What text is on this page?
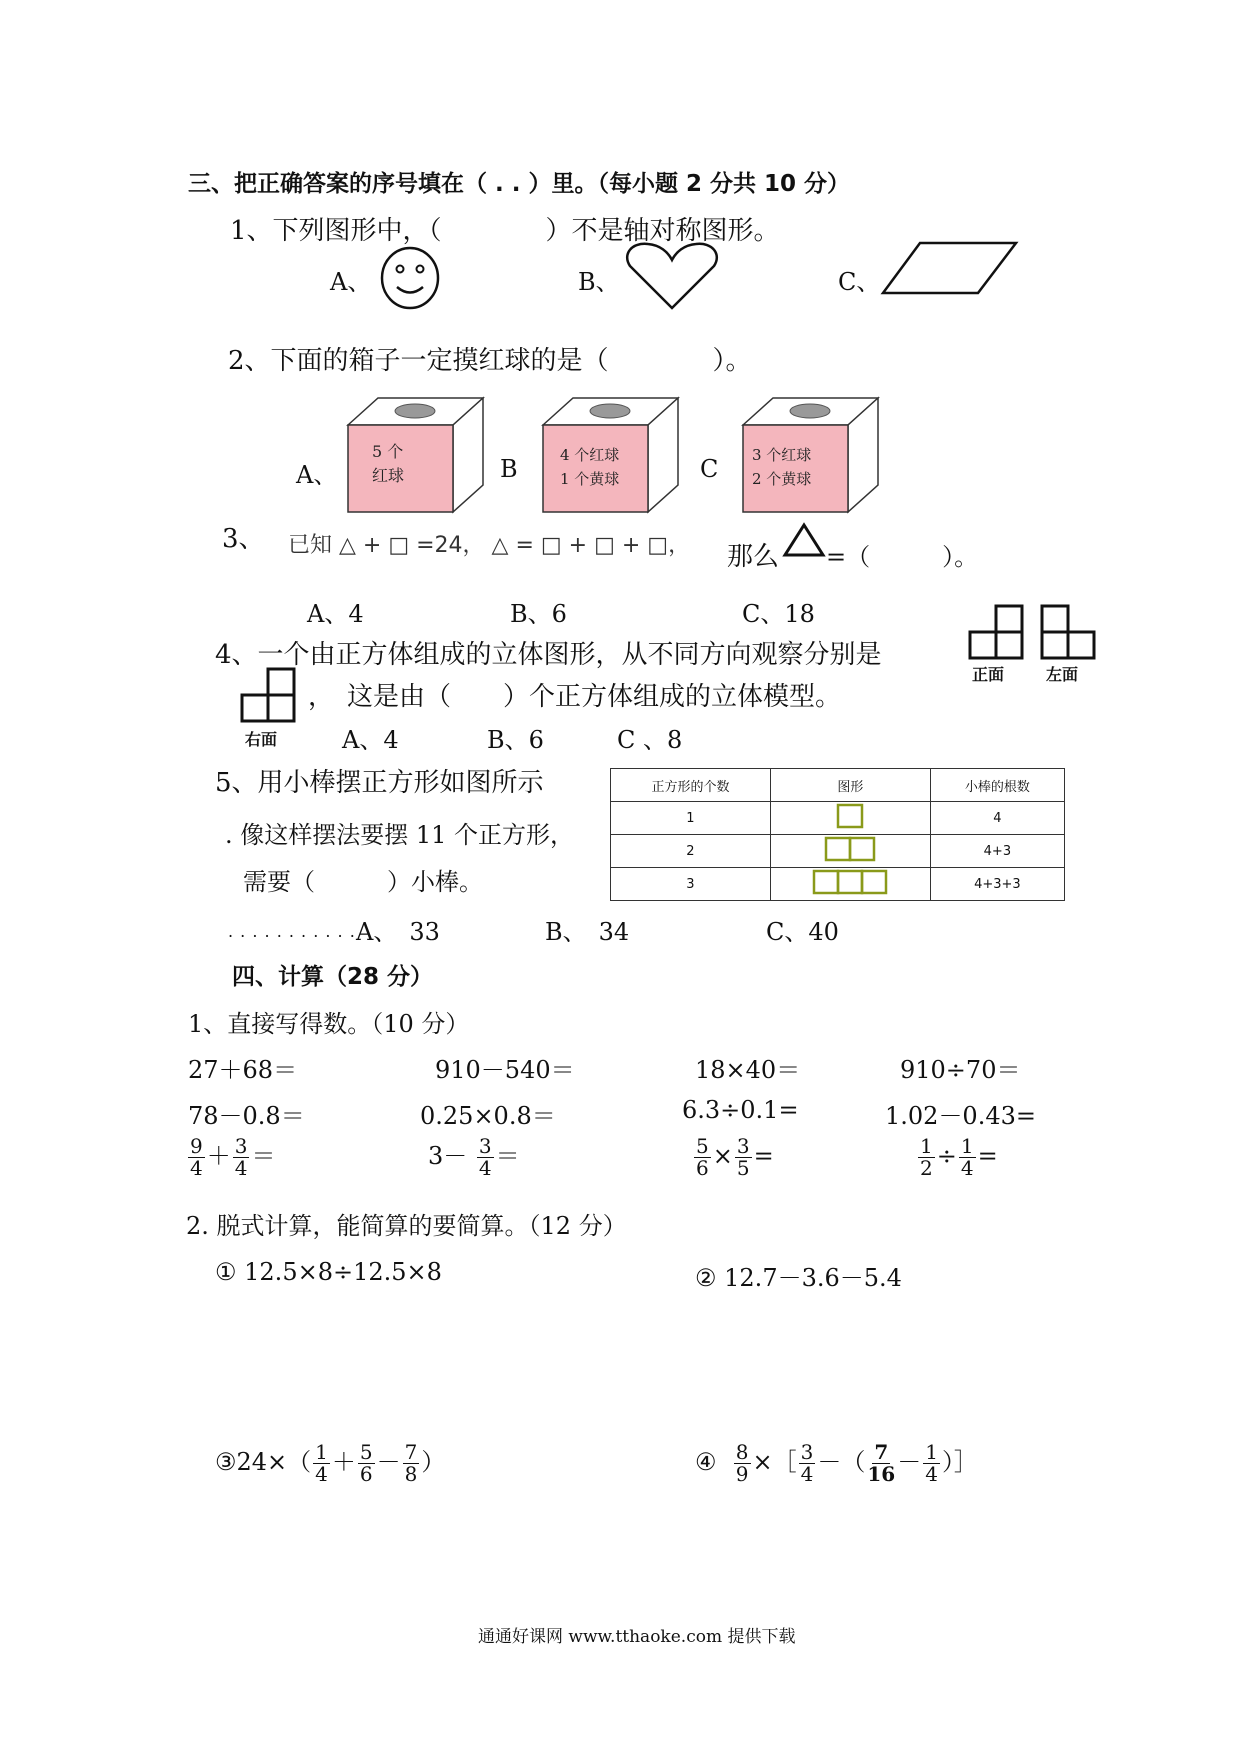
三、把正确答案的序号填在（ . . ）里。（每小题 2 分共 10 分）
1、下列图形中，（　　　　）不是轴对称图形。
A、	B、	C、
2、下面的箱子一定摸红球的是（　　　　）。
A、
5 个
红球	B	4 个红球
1 个黄球	C 3 个红球
2 个黄球
3、 已知 △ + □ =24， △ = □ + □ + □， 那么 =（　　　）。
A、4	B、6	C、18
4、一个由正方体组成的立体图形，从不同方向观察分别是
正面	左面
右面
，　这是由（　　）个正方体组成的立体模型。
A、4	B、6	C 、8
5、用小棒摆正方形如图所示
. 像这样摆法要摆 11 个正方形，
需要（　　　）小棒。
正方形的个数	图形	小棒的根数
1		4
2		4+3
3		4+3+3
. . . . . . . . . . . A、　33	B、　34	C、40
四、计算（28 分）
1、直接写得数。（10 分）
27＋68＝	910－540＝	18×40＝	910÷70＝
78－0.8＝	0.25×0.8＝	6.3÷0.1=	1.02－0.43=
$\frac{9}{4} + \frac{3}{4}$ ＝	$3- \frac{3}{4}$ ＝	$\frac{5}{6} \times \frac{3}{5}$ =	$\frac{1}{2} \div \frac{1}{4}$ =
2. 脱式计算，能简算的要简算。（12 分）
① 12.5×8÷12.5×8	② 12.7－3.6－5.4
③24×（ $\frac{1}{4} + \frac{5}{6} - \frac{7}{8}$ ）	④ $\frac{8}{9}$ ×［ $\frac{3}{4}$ －（ $\frac{7}{16} - \frac{1}{4}$ ）］
通通好课网 www.tthaoke.com 提供下载
